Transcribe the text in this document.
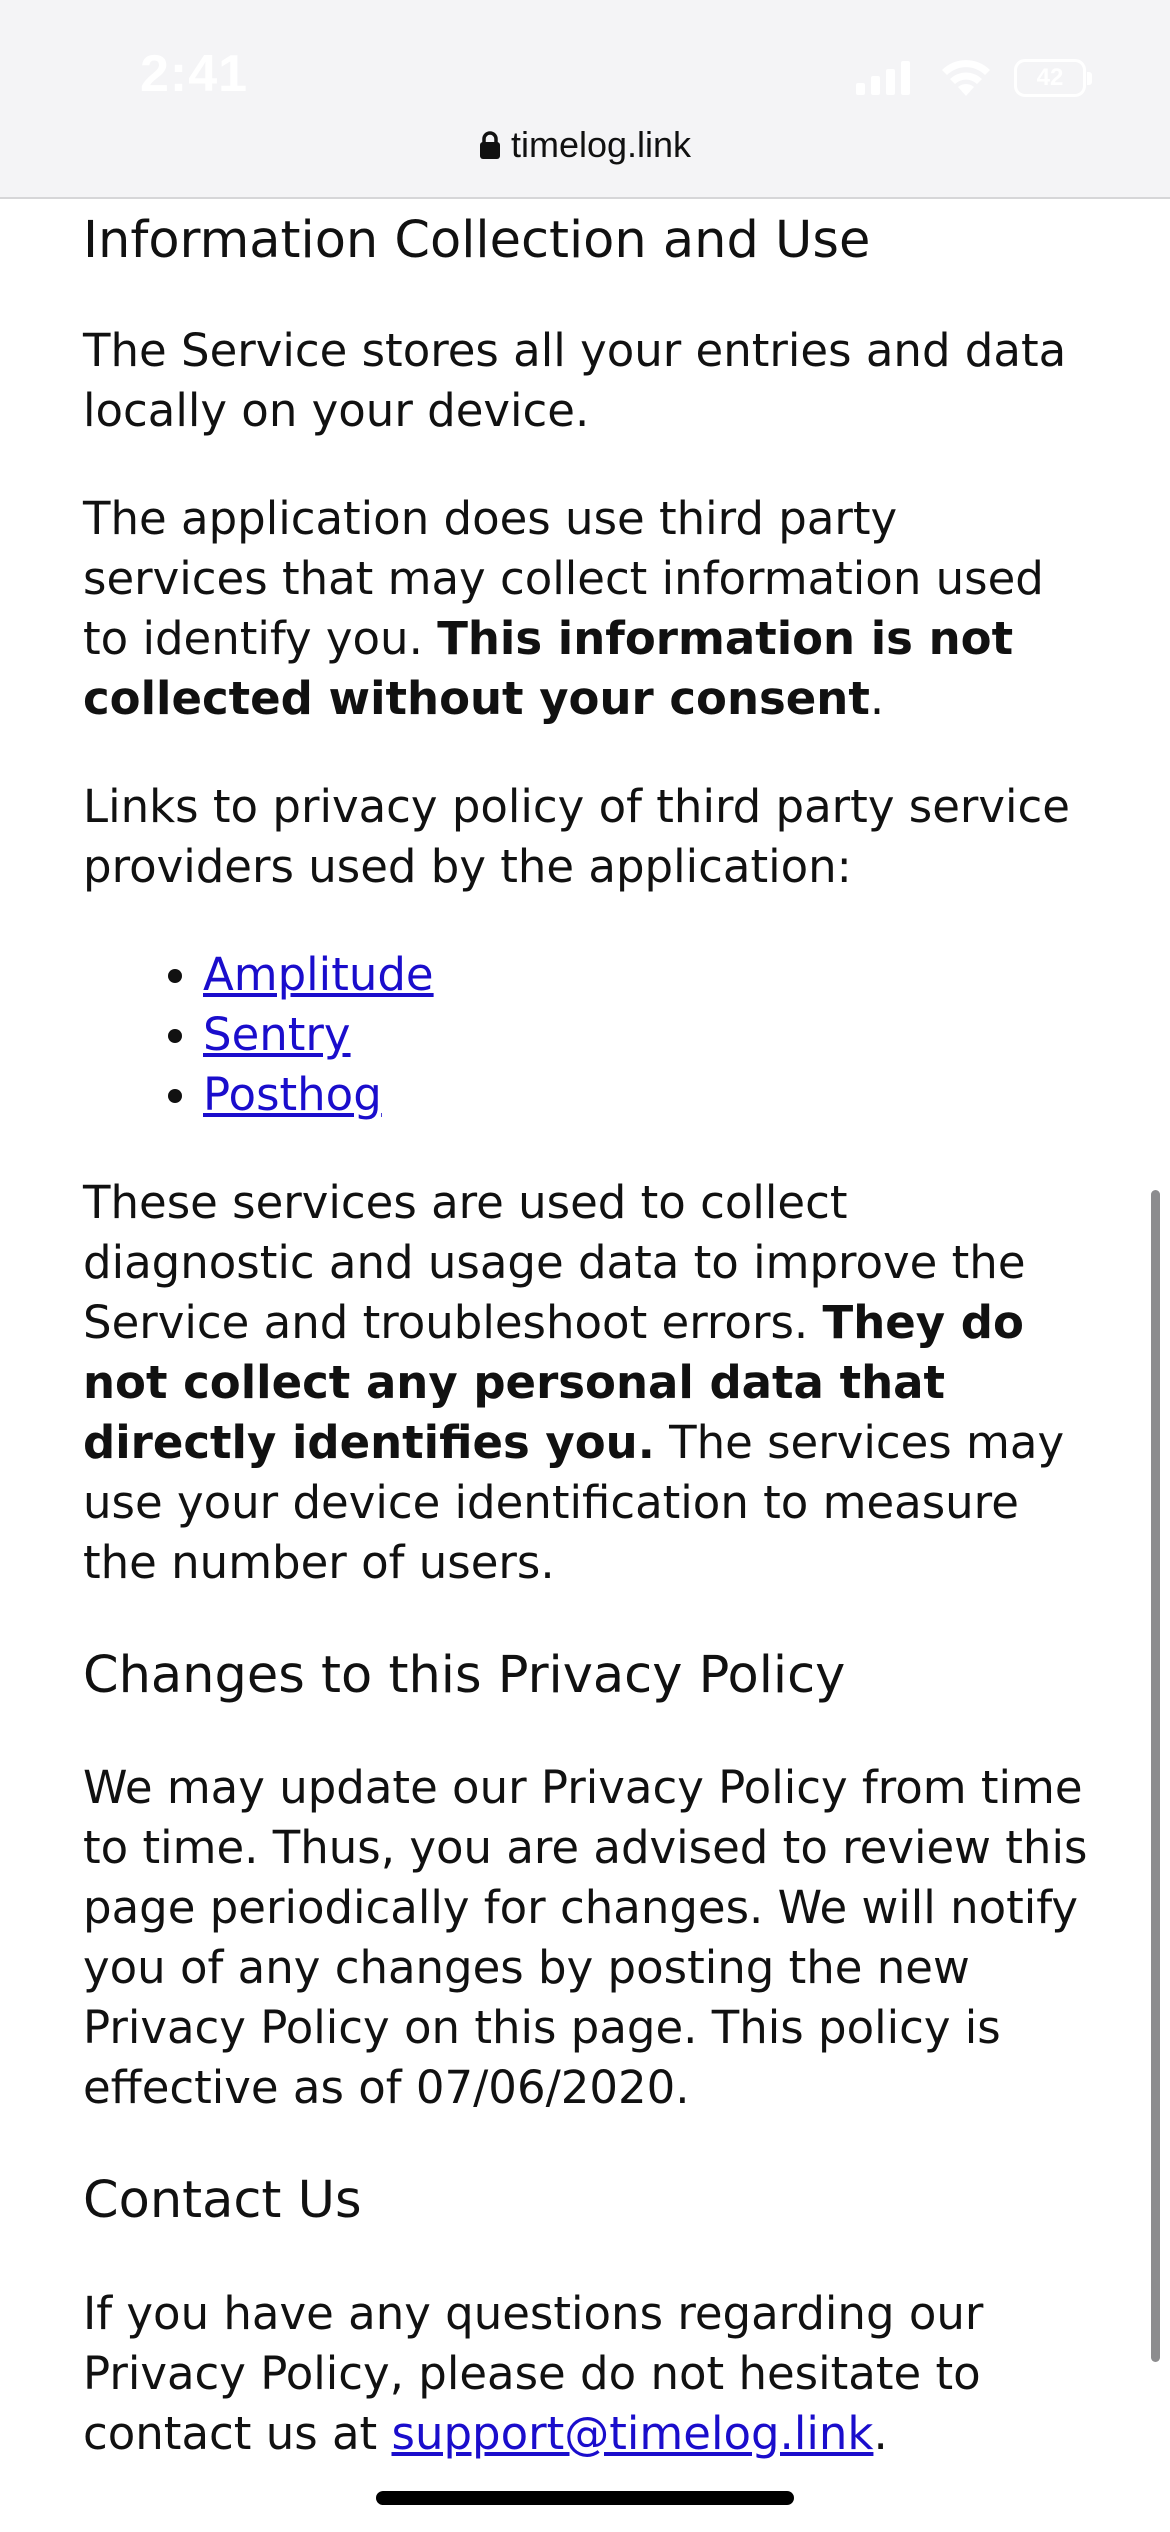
2:41	42
timelog.link
Information Collection and Use

The Service stores all your entries and data locally on your device.

The application does use third party services that may collect information used to identify you. This information is not collected without your consent.

Links to privacy policy of third party service providers used by the application:

• Amplitude
• Sentry
• Posthog

These services are used to collect diagnostic and usage data to improve the Service and troubleshoot errors. They do not collect any personal data that directly identifies you. The services may use your device identification to measure the number of users.

Changes to this Privacy Policy

We may update our Privacy Policy from time to time. Thus, you are advised to review this page periodically for changes. We will notify you of any changes by posting the new Privacy Policy on this page. This policy is effective as of 07/06/2020.

Contact Us

If you have any questions regarding our Privacy Policy, please do not hesitate to contact us at support@timelog.link.
